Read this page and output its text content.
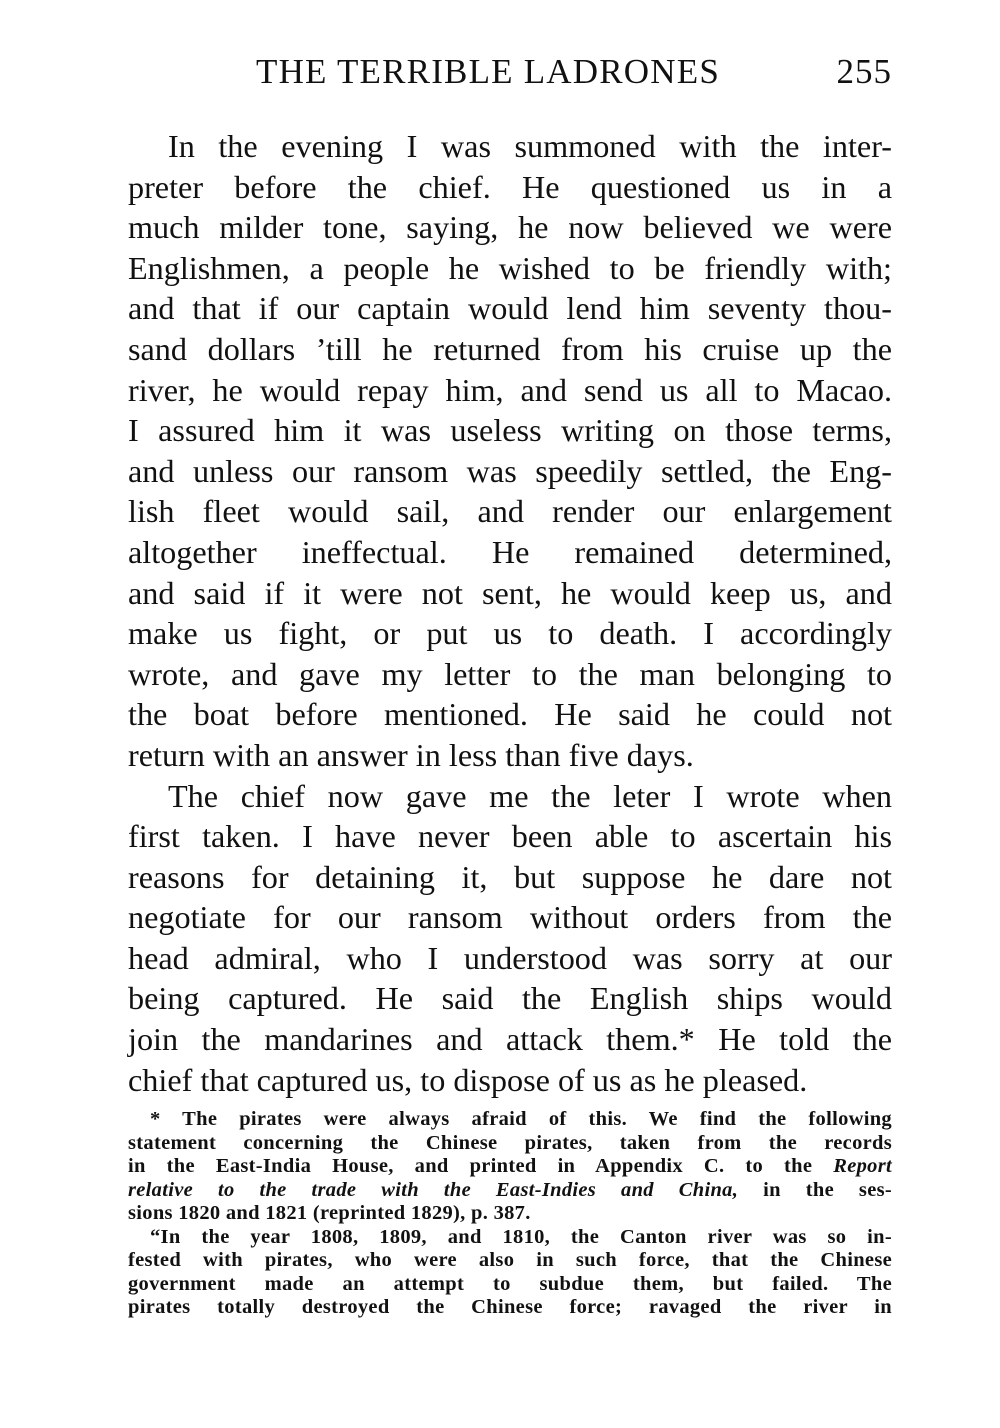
THE TERRIBLE LADRONES	255
In the evening I was summoned with the inter-
preter before the chief. He questioned us in a
much milder tone, saying, he now believed we were
Englishmen, a people he wished to be friendly with;
and that if our captain would lend him seventy thou-
sand dollars ’till he returned from his cruise up the
river, he would repay him, and send us all to Macao.
I assured him it was useless writing on those terms,
and unless our ransom was speedily settled, the Eng-
lish fleet would sail, and render our enlargement
altogether ineffectual. He remained determined,
and said if it were not sent, he would keep us, and
make us fight, or put us to death. I accordingly
wrote, and gave my letter to the man belonging to
the boat before mentioned. He said he could not
return with an answer in less than five days.
The chief now gave me the leter I wrote when
first taken. I have never been able to ascertain his
reasons for detaining it, but suppose he dare not
negotiate for our ransom without orders from the
head admiral, who I understood was sorry at our
being captured. He said the English ships would
join the mandarines and attack them.* He told the
chief that captured us, to dispose of us as he pleased.
* The pirates were always afraid of this. We find the following
statement concerning the Chinese pirates, taken from the records
in the East-India House, and printed in Appendix C. to the Report
relative to the trade with the East-Indies and China, in the ses-
sions 1820 and 1821 (reprinted 1829), p. 387.
“In the year 1808, 1809, and 1810, the Canton river was so in-
fested with pirates, who were also in such force, that the Chinese
government made an attempt to subdue them, but failed. The
pirates totally destroyed the Chinese force; ravaged the river in
